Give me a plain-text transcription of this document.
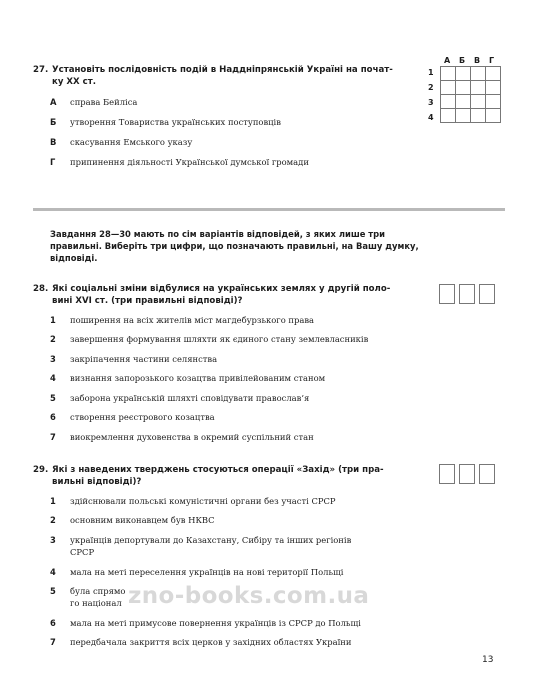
27. Установіть послідовність подій в Наддніпрянській Україні на почат-
ку ХХ ст.
А справа Бейліса
Б утворення Товариства українських поступовців
В скасування Емського указу
Г припинення діяльності Української думської громади
А Б В Г
1
2
3
4

Завдання 28—30 мають по сім варіантів відповідей, з яких лише три правильні. Виберіть три цифри, що позначають правильні, на Вашу думку, відповіді.
28. Які соціальні зміни відбулися на українських землях у другій поло-
вині XVI ст. (три правильні відповіді)?
1 поширення на всіх жителів міст магдебурзького права
2 завершення формування шляхти як єдиного стану землевласників
3 закріпачення частини селянства
4 визнання запорозького козацтва привілейованим станом
5 заборона українській шляхті сповідувати православ’я
6 створення реєстрового козацтва
7 виокремлення духовенства в окремий суспільний стан
29. Які з наведених тверджень стосуються операції «Захід» (три пра-
вильні відповіді)?
1 здійснювали польські комуністичні органи без участі СРСР
2 основним виконавцем був НКВС
3 українців депортували до Казахстану, Сибіру та інших регіонів
СРСР
4 мала на меті переселення українців на нові території Польщі
5 була спрямо
го націонал
6 мала на меті примусове повернення українців із СРСР до Польщі
7 передбачала закриття всіх церков у західних областях України
zno-books.com.ua
13
